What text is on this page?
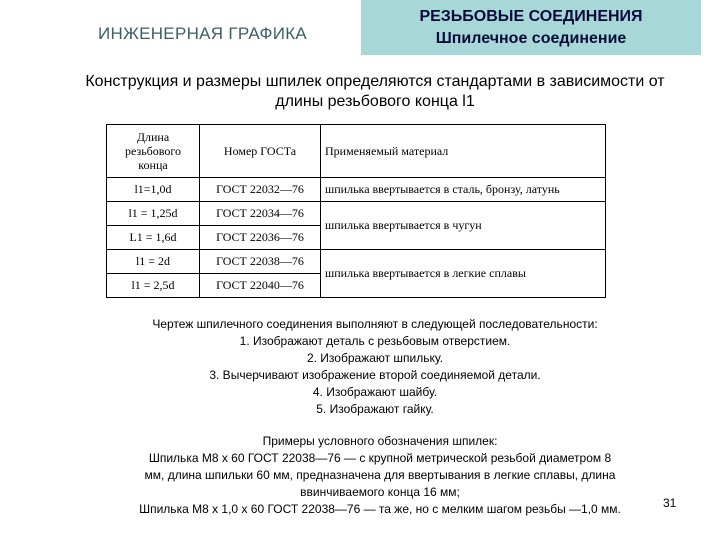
ИНЖЕНЕРНАЯ ГРАФИКА
РЕЗЬБОВЫЕ СОЕДИНЕНИЯ
Шпилечное соединение
Конструкция и размеры шпилек определяются стандартами в зависимости от длины резьбового конца l1
Длина
резьбового
конца	Номер ГОСТа	Применяемый материал
l1=1,0d	ГОСТ 22032—76	шпилька ввертывается в сталь, бронзу, латунь
l1 = 1,25d	ГОСТ 22034—76	шпилька ввертывается в чугун
L1 = 1,6d	ГОСТ 22036—76	
l1 = 2d	ГОСТ 22038—76	шпилька ввертывается в легкие сплавы
l1 = 2,5d	ГОСТ 22040—76	
Чертеж шпилечного соединения выполняют в следующей последовательности:
1. Изображают деталь с резьбовым отверстием.
2. Изображают шпильку.
3. Вычерчивают изображение второй соединяемой детали.
4. Изображают шайбу.
5. Изображают гайку.
Примеры условного обозначения шпилек:
Шпилька М8 х 60 ГОСТ 22038—76 — с крупной метрической резьбой диаметром 8
мм, длина шпильки 60 мм, предназначена для ввертывания в легкие сплавы, длина
ввинчиваемого конца 16 мм;
Шпилька М8 х 1,0 х 60 ГОСТ 22038—76 — та же, но с мелким шагом резьбы —1,0 мм.	31
